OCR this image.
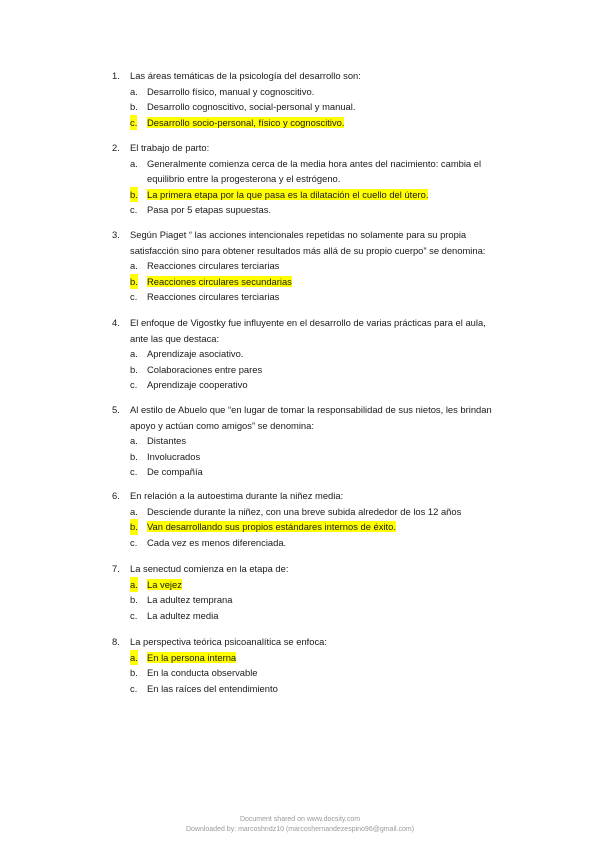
1. Las áreas temáticas de la psicología del desarrollo son:
a. Desarrollo físico, manual y cognoscitivo.
b. Desarrollo cognoscitivo, social-personal y manual.
c. Desarrollo socio-personal, físico y cognoscitivo.
2. El trabajo de parto:
a. Generalmente comienza cerca de la media hora antes del nacimiento: cambia el
equilibrio entre la progesterona y el estrógeno.
b. La primera etapa por la que pasa es la dilatación el cuello del útero.
c. Pasa por 5 etapas supuestas.
3. Según Piaget “ las acciones intencionales repetidas no solamente para su propia
satisfacción sino para obtener resultados más allá de su propio cuerpo” se denomina:
a. Reacciones circulares terciarias
b. Reacciones circulares secundarias
c. Reacciones circulares terciarias
4. El enfoque de Vigostky fue influyente en el desarrollo de varias prácticas para el aula,
ante las que destaca:
a. Aprendizaje asociativo.
b. Colaboraciones entre pares
c. Aprendizaje cooperativo
5. Al estilo de Abuelo que “en lugar de tomar la responsabilidad de sus nietos, les brindan
apoyo y actúan como amigos” se denomina:
a. Distantes
b. Involucrados
c. De compañía
6. En relación a la autoestima durante la niñez media:
a. Desciende durante la niñez, con una breve subida alrededor de los 12 años
b. Van desarrollando sus propios estándares internos de éxito.
c. Cada vez es menos diferenciada.
7. La senectud comienza en la etapa de:
a. La vejez
b. La adultez temprana
c. La adultez media
8. La perspectiva teórica psicoanalítica se enfoca:
a. En la persona interna
b. En la conducta observable
c. En las raíces del entendimiento
Document shared on www.docsity.com
Downloaded by: marcoshndz10 (marcoshernandezespino96@gmail.com)
